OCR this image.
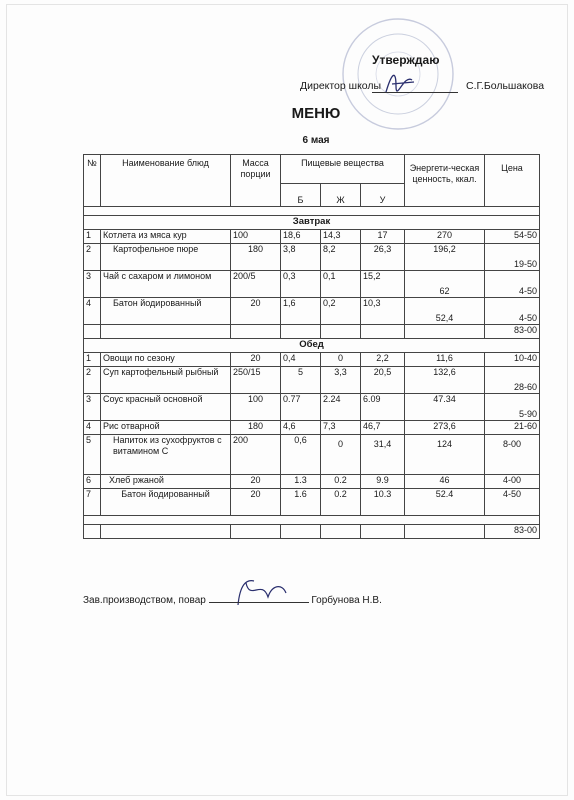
Утверждаю
Директор школы	С.Г.Большакова
МЕНЮ
6 мая
№	Наименование блюд	Масса порции	Пищевые вещества			Энергети-ческая ценность, ккал.	Цена
			Б	Ж	У		

Завтрак							
1	Котлета из мяса кур	100	18,6	14,3	17	270	54-50
2	Картофельное пюре	180	3,8	8,2	26,3	196,2	19-50
3	Чай с сахаром и лимоном	200/5	0,3	0,1	15,2	62	4-50
4	Батон йодированный	20	1,6	0,2	10,3	52,4	4-50
							83-00
Обед							
1	Овощи по сезону	20	0,4	0	2,2	11,6	10-40
2	Суп картофельный рыбный	250/15	5	3,3	20,5	132,6	28-60
3	Соус красный основной	100	0.77	2.24	6.09	47.34	5-90
4	Рис отварной	180	4,6	7,3	46,7	273,6	21-60
5	Напиток из сухофруктов с витамином С	200	0,6	0	31,4	124	8-00
6	Хлеб ржаной	20	1.3	0.2	9.9	46	4-00
7	Батон йодированный	20	1.6	0.2	10.3	52.4	4-50

							83-00
Зав.производством, повар	Горбунова Н.В.
